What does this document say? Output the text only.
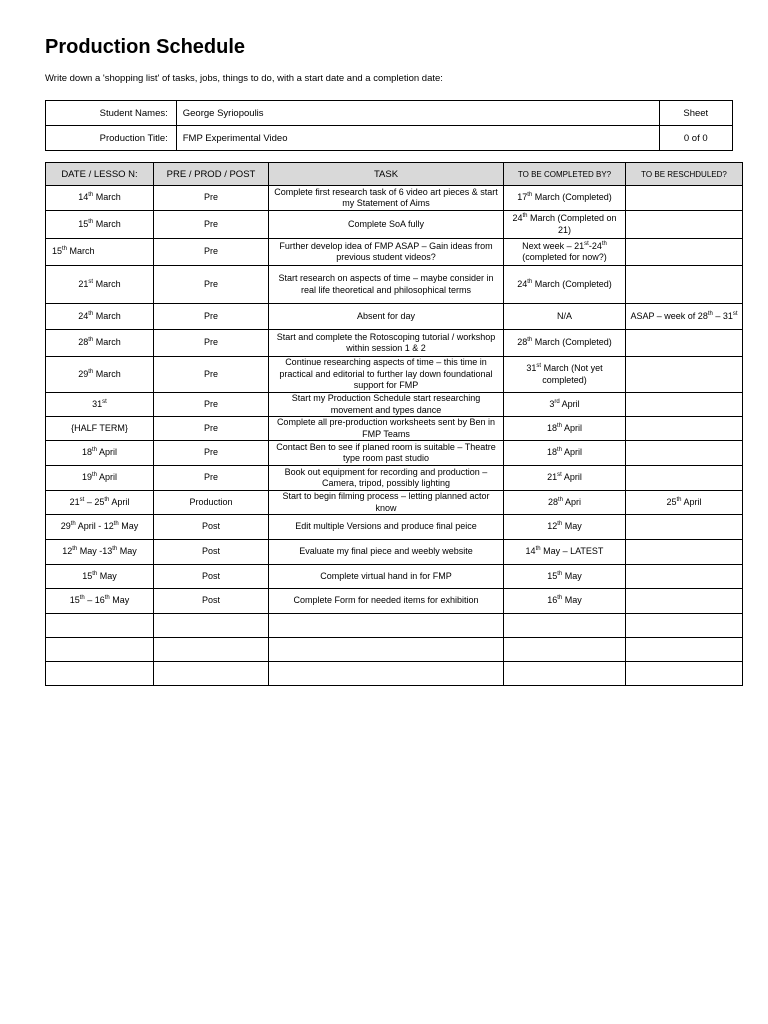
Production Schedule
Write down a 'shopping list' of tasks, jobs, things to do, with a start date and a completion date:
Student Names:	George Syriopoulis	Sheet
Production Title:	FMP Experimental Video	0 of 0
DATE / LESSO N:	PRE / PROD / POST	TASK	TO BE COMPLETED BY?	TO BE RESCHDULED?
14th March	Pre	Complete first research task of 6 video art pieces & start my Statement of Aims	17th March (Completed)	
15th March	Pre	Complete SoA fully	24th March (Completed on 21)	
15th March	Pre	Further develop idea of FMP ASAP – Gain ideas from previous student videos?	Next week – 21st-24th (completed for now?)	
21st March	Pre	Start research on aspects of time – maybe consider in real life theoretical and philosophical terms	24th March (Completed)	
24th March	Pre	Absent for day	N/A	ASAP – week of 28th – 31st
28th March	Pre	Start and complete the Rotoscoping tutorial / workshop within session 1 & 2	28th March (Completed)	
29th March	Pre	Continue researching aspects of time – this time in practical and editorial to further lay down foundational support for FMP	31st March (Not yet completed)	
31st	Pre	Start my Production Schedule start researching movement and types dance	3rd April	
{HALF TERM}	Pre	Complete all pre-production worksheets sent by Ben in FMP Teams	18th April	
18th April	Pre	Contact Ben to see if planed room is suitable – Theatre type room past studio	18th April	
19th April	Pre	Book out equipment for recording and production – Camera, tripod, possibly lighting	21st April	
21st – 25th April	Production	Start to begin filming process – letting planned actor know	28th Apri	25th April
29th April - 12th May	Post	Edit multiple Versions and produce final peice	12th May	
12th May -13th May	Post	Evaluate my final piece and weebly website	14th May – LATEST	
15th May	Post	Complete virtual hand in for FMP	15th May	
15th – 16th May	Post	Complete Form for needed items for exhibition	16th May	
